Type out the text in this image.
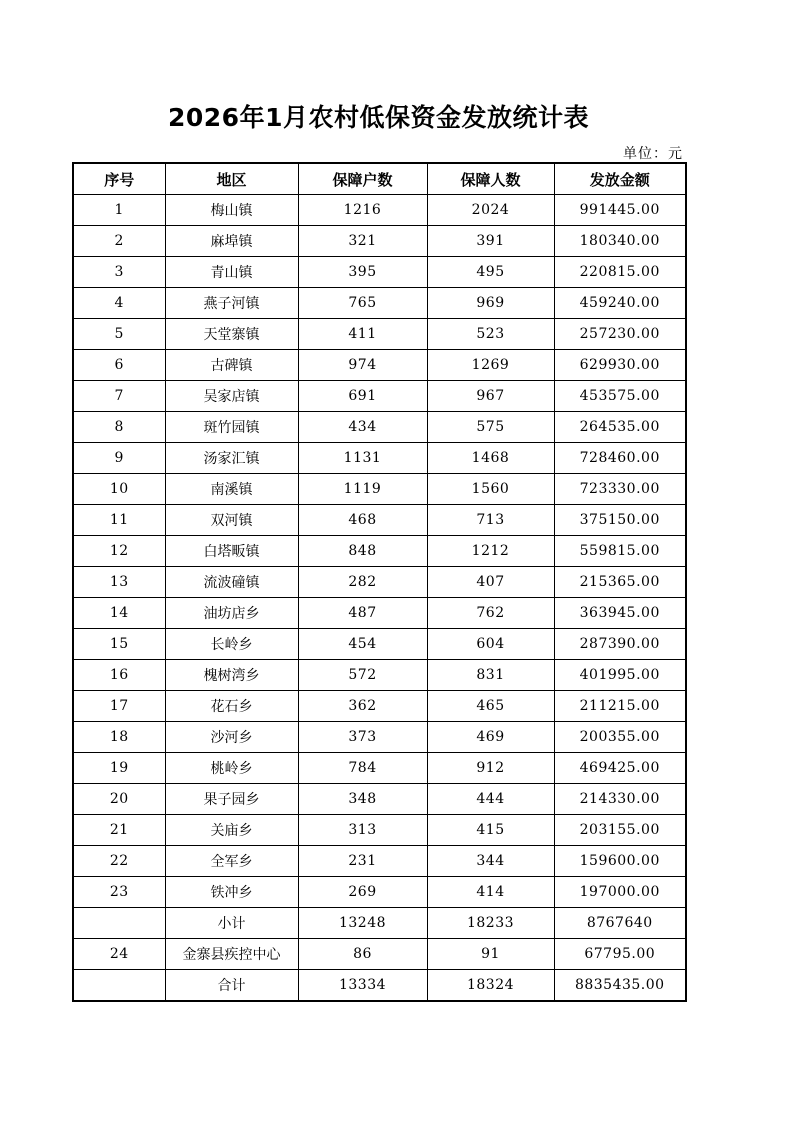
2026年1月农村低保资金发放统计表
单位：元
序号	地区	保障户数	保障人数	发放金额
1	梅山镇	1216	2024	991445.00
2	麻埠镇	321	391	180340.00
3	青山镇	395	495	220815.00
4	燕子河镇	765	969	459240.00
5	天堂寨镇	411	523	257230.00
6	古碑镇	974	1269	629930.00
7	吴家店镇	691	967	453575.00
8	斑竹园镇	434	575	264535.00
9	汤家汇镇	1131	1468	728460.00
10	南溪镇	1119	1560	723330.00
11	双河镇	468	713	375150.00
12	白塔畈镇	848	1212	559815.00
13	流波䃥镇	282	407	215365.00
14	油坊店乡	487	762	363945.00
15	长岭乡	454	604	287390.00
16	槐树湾乡	572	831	401995.00
17	花石乡	362	465	211215.00
18	沙河乡	373	469	200355.00
19	桃岭乡	784	912	469425.00
20	果子园乡	348	444	214330.00
21	关庙乡	313	415	203155.00
22	全军乡	231	344	159600.00
23	铁冲乡	269	414	197000.00
	小计	13248	18233	8767640
24	金寨县疾控中心	86	91	67795.00
	合计	13334	18324	8835435.00
